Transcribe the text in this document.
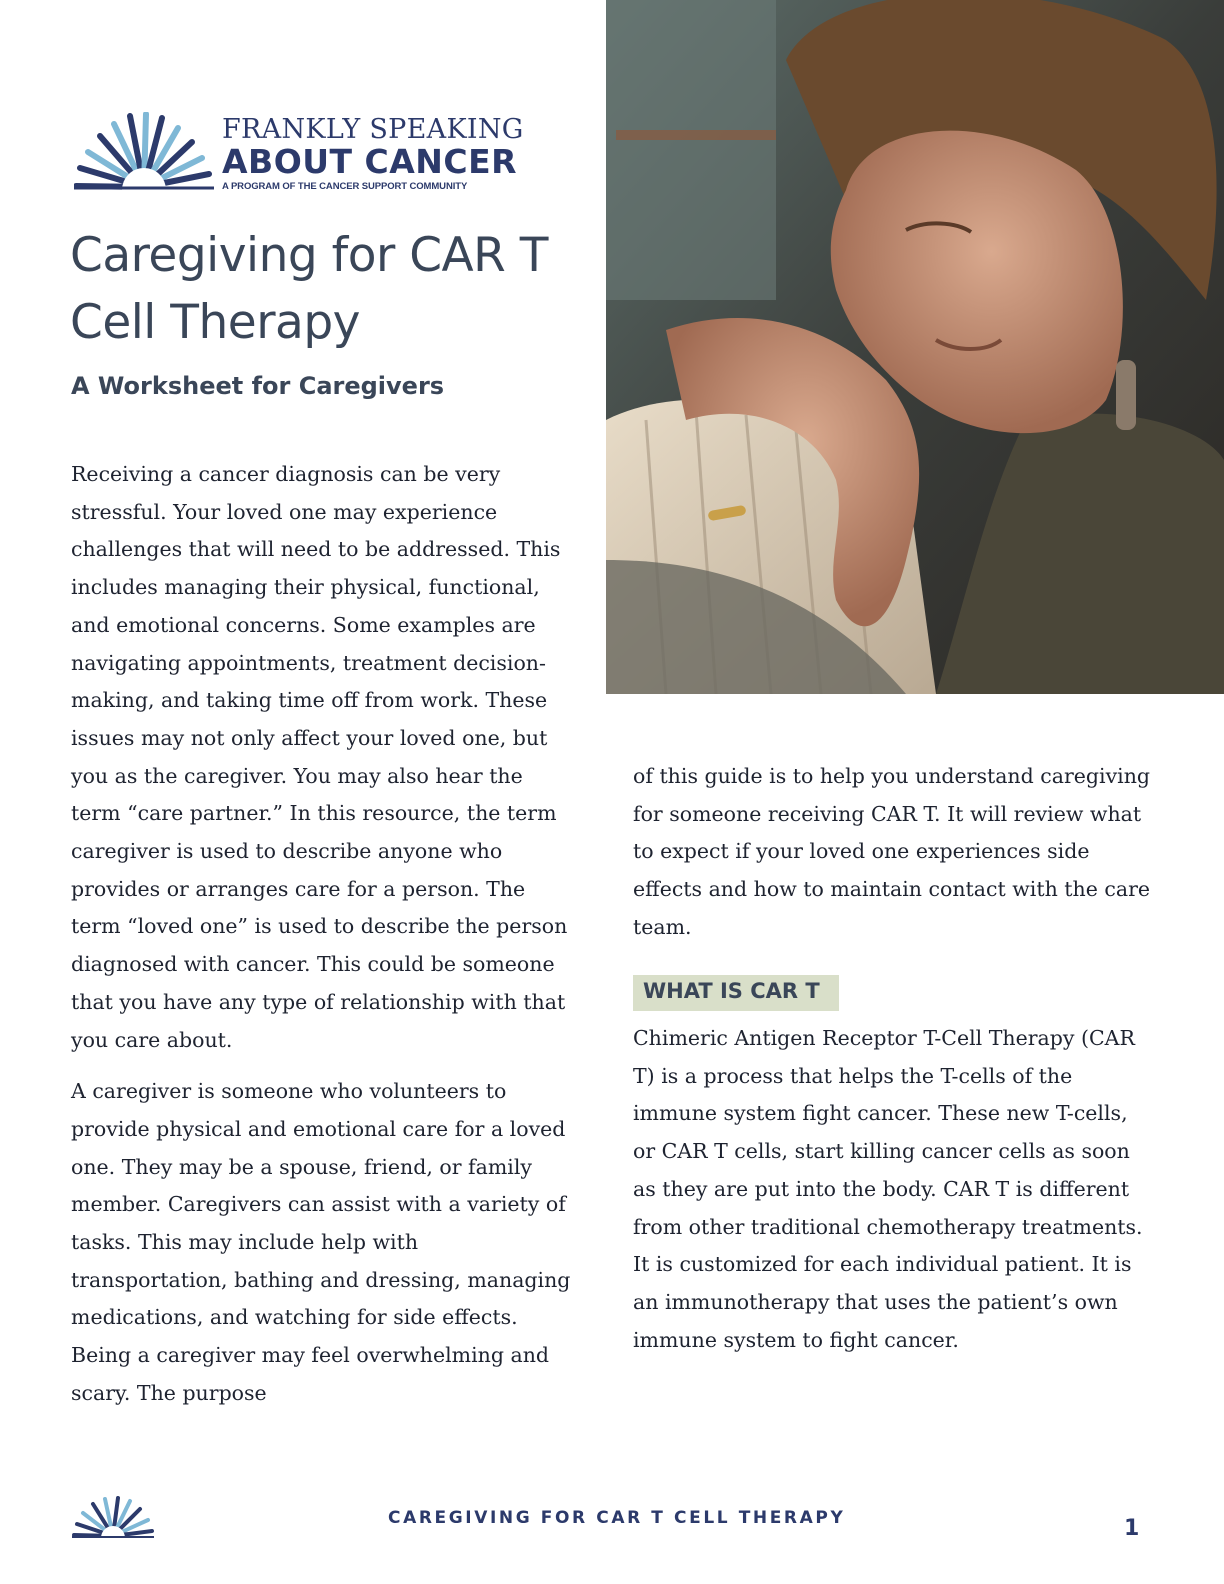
FRANKLY SPEAKING
ABOUT CANCER
A PROGRAM OF THE CANCER SUPPORT COMMUNITY
Caregiving for CAR T Cell Therapy
A Worksheet for Caregivers

Receiving a cancer diagnosis can be very stressful. Your loved one may experience challenges that will need to be addressed. This includes managing their physical, functional, and emotional concerns. Some examples are navigating appointments, treatment decision-making, and taking time off from work. These issues may not only affect your loved one, but you as the caregiver. You may also hear the term “care partner.” In this resource, the term caregiver is used to describe anyone who provides or arranges care for a person. The term “loved one” is used to describe the person diagnosed with cancer. This could be someone that you have any type of relationship with that you care about.

A caregiver is someone who volunteers to provide physical and emotional care for a loved one. They may be a spouse, friend, or family member. Caregivers can assist with a variety of tasks. This may include help with transportation, bathing and dressing, managing medications, and watching for side effects. Being a caregiver may feel overwhelming and scary. The purpose

of this guide is to help you understand caregiving for someone receiving CAR T. It will review what to expect if your loved one experiences side effects and how to maintain contact with the care team.

WHAT IS CAR T

Chimeric Antigen Receptor T-Cell Therapy (CAR T) is a process that helps the T-cells of the immune system fight cancer. These new T-cells, or CAR T cells, start killing cancer cells as soon as they are put into the body. CAR T is different from other traditional chemotherapy treatments. It is customized for each individual patient. It is an immunotherapy that uses the patient’s own immune system to fight cancer.

CAREGIVING FOR CAR T CELL THERAPY	1
